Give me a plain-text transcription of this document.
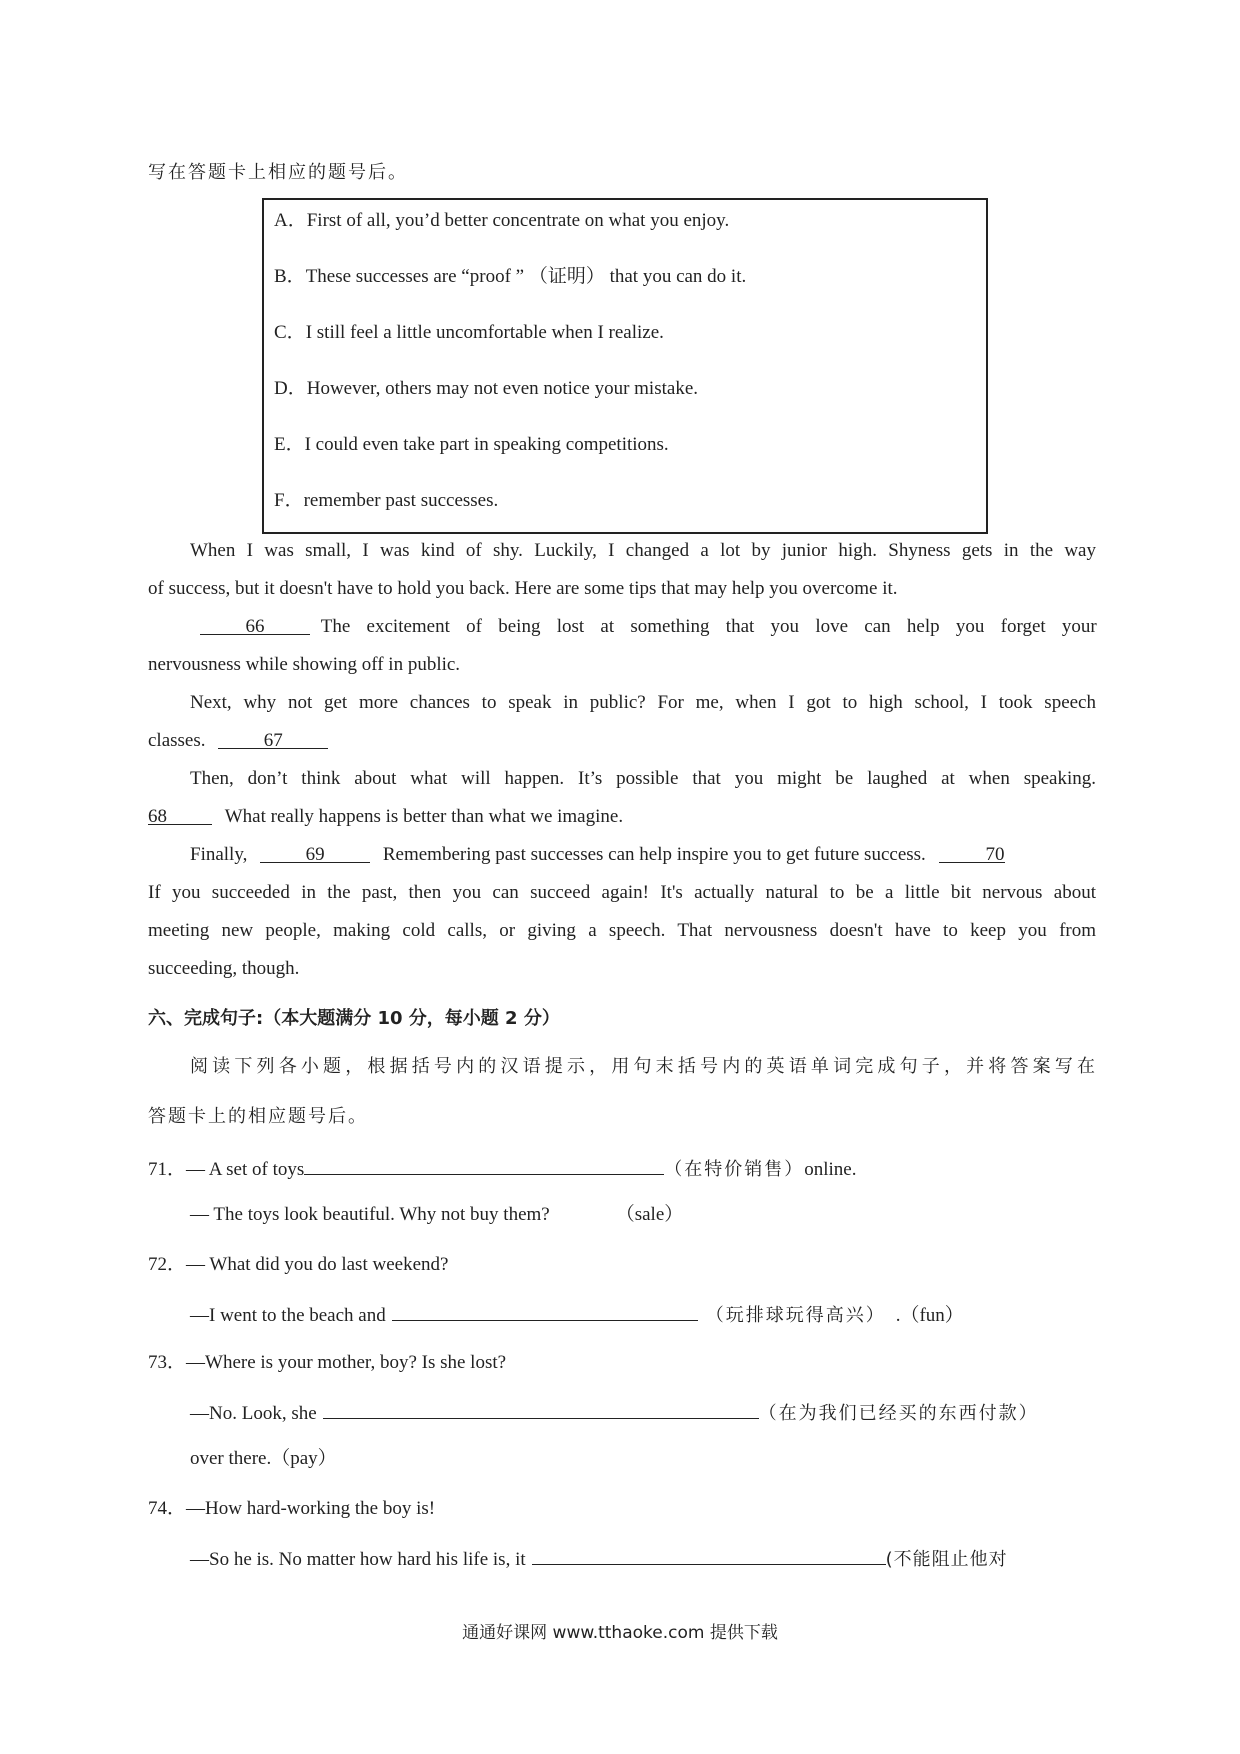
写在答题卡上相应的题号后。
A．First of all, you’d better concentrate on what you enjoy.
B．These successes are “proof ” （证明） that you can do it.
C．I still feel a little uncomfortable when I realize.
D．However, others may not even notice your mistake.
E．I could even take part in speaking competitions.
F．remember past successes.
When I was small, I was kind of shy. Luckily, I changed a lot by junior high. Shyness gets in the way
of success, but it doesn't have to hold you back. Here are some tips that may help you overcome it.
66	The excitement of being lost at something that you love can help you forget your
nervousness while showing off in public.
Next, why not get more chances to speak in public? For me, when I got to high school, I took speech
classes.	67
Then, don’t think about what will happen. It’s possible that you might be laughed at when speaking.
68	What really happens is better than what we imagine.
Finally,	69	Remembering past successes can help inspire you to get future success.	70
If you succeeded in the past, then you can succeed again! It's actually natural to be a little bit nervous about
meeting new people, making cold calls, or giving a speech. That nervousness doesn't have to keep you from
succeeding, though.
六、完成句子:（本大题满分 10 分，每小题 2 分）
阅读下列各小题，根据括号内的汉语提示，用句末括号内的英语单词完成句子，并将答案写在
答题卡上的相应题号后。
71．— A set of toys	（在特价销售）online.
— The toys look beautiful. Why not buy them?	（sale）
72．— What did you do last weekend?
—I went to the beach and	（玩排球玩得高兴） .（fun）
73．—Where is your mother, boy? Is she lost?
—No. Look, she	（在为我们已经买的东西付款）
over there.（pay）
74．—How hard-working the boy is!
—So he is. No matter how hard his life is, it	(不能阻止他对
通通好课网 www.tthaoke.com 提供下载
